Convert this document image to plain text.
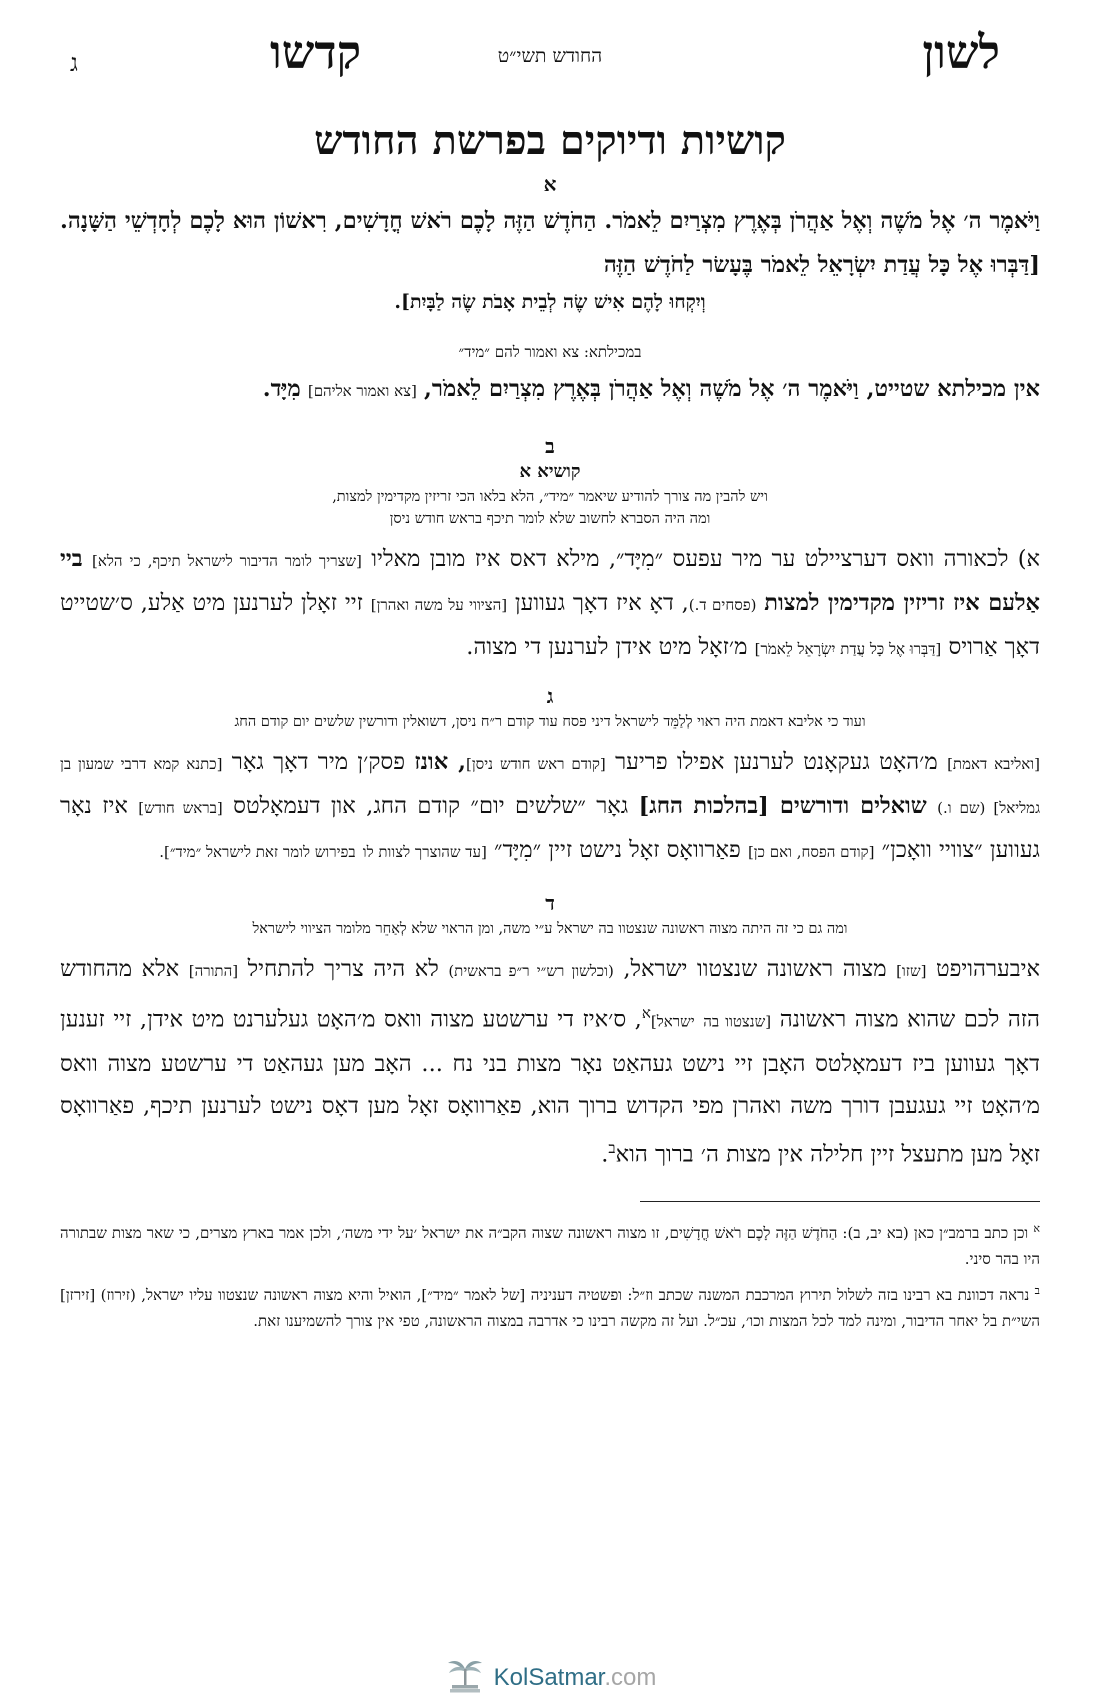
לשון
החודש תשי״ט
קדשו
ג
קושיות ודיוקים בפרשת החודש
א
וַיֹּאמֶר ה׳ אֶל מֹשֶׁה וְאֶל אַהֲרֹן בְּאֶרֶץ מִצְרַיִם לֵאמֹר. הַחֹדֶשׁ הַזֶּה לָכֶם רֹאשׁ חֳדָשִׁים, רִאשׁוֹן הוּא לָכֶם לְחָדְשֵׁי הַשָּׁנָה. [דַּבְּרוּ אֶל כָּל עֲדַת יִשְׂרָאֵל לֵאמֹר בֶּעָשׂר לַחֹדֶשׁ הַזֶּה
וְיִקְחוּ לָהֶם אִישׁ שֶׂה לְבֵית אָבֹת שֶׂה לַבָּיִת].
במכילתא: צא ואמור להם ״מיד״

אין מכילתא שטייט, וַיֹּאמֶר ה׳ אֶל מֹשֶׁה וְאֶל אַהֲרֹן בְּאֶרֶץ מִצְרַיִם לֵאמֹר, [צא ואמור אליהם] מִיָּד.

ב
קושיא א
ויש להבין מה צורך להודיע שיאמר ״מיד״, הלא בלאו הכי זריזין מקדימין למצות,
ומה היה הסברא לחשוב שלא לומר תיכף בראש חודש ניסן

א) לכאורה וואס דערציילט ער מיר עפעס ״מִיָּד״, מילא דאס איז מובן מאליו [שצריך לומר הדיבור לישראל תיכף, כי הלא] ביי אַלעם איז זריזין מקדימין למצות (פסחים ד.), דאָ איז דאָך געווען [הציווי על משה ואהרן] זיי זאָלן לערנען מיט אַלע, ס׳שטייט דאָך אַרויס [דַּבְּרוּ אֶל כָּל עֲדַת יִשְׂרָאֵל לֵאמֹר] מ׳זאָל מיט אידן לערנען די מצוה.

ג
ועוד כי אליבא דאמת היה ראוי לְלַמֵּד לישראל דיני פסח עוד קודם ר״ח ניסן, דשואלין ודורשין שלשים יום קודם החג

[ואליבא דאמת] מ׳האָט געקאָנט לערנען אפילו פריער [קודם ראש חודש ניסן], אונז פסק׳ן מיר דאָך גאָר [כתנא קמא דרבי שמעון בן גמליאל] (שם ו.) שואלים ודורשים [בהלכות החג] גאָר ״שלשים יום״ קודם החג, און דעמאָלטס [בראש חודש] איז נאָר געווען ״צוויי וואָכן״ [קודם הפסח, ואם כן] פאַרוואָס זאָל נישט זיין ״מִיָּד״ [עד שהוצרך לצוות לו בפירוש לומר זאת לישראל ״מיד״].

ד
ומה גם כי זה היתה מצוה ראשונה שנצטוו בה ישראל ע״י משה, ומן הראוי שלא לְאַחֵר מלומר הציווי לישראל

איבערהויפט [שזו] מצוה ראשונה שנצטוו ישראל, (וכלשון רש״י ר״פ בראשית) לא היה צריך להתחיל [התורה] אלא מהחודש הזה לכם שהוא מצוה ראשונה [שנצטוו בה ישראל]$^א$, ס׳איז די ערשטע מצוה וואס מ׳האָט געלערנט מיט אידן, זיי זענען דאָך געווען ביז דעמאָלטס האָבן זיי נישט געהאַט נאָר מצות בני נח ... האָב מען געהאַט די ערשטע מצוה וואס מ׳האָט זיי געגעבן דורך משה ואהרן מפי הקדוש ברוך הוא, פאַרוואָס זאָל מען דאָס נישט לערנען תיכף, פאַרוואָס זאָל מען מתעצל זיין חלילה אין מצות ה׳ ברוך הוא$^ב$.

$^א$ וכן כתב ברמב״ן כאן (בא יב, ב): הַחֹדֶשׁ הַזֶּה לָכֶם רֹאשׁ חֳדָשִׁים, זו מצוה ראשונה שצוה הקב״ה את ישראל ׳על ידי משה׳, ולכן אמר בארץ מצרים, כי שאר מצות שבתורה היו בהר סיני.

$^ב$ נראה דכוונת בא רבינו בזה לשלול תירוץ המרכבת המשנה שכתב וז״ל: ופשטיה דעניניה [של לאמר ״מיד״], הואיל והיא מצוה ראשונה שנצטוו עליו ישראל, (זירוז) [זירזן] השי״ת בל יאחר הדיבור, ומינה למד לכל המצות וכו׳, עכ״ל. ועל זה מקשה רבינו כי אדרבה במצוה הראשונה, טפי אין צורך להשמיענו זאת.

KolSatmar.com
